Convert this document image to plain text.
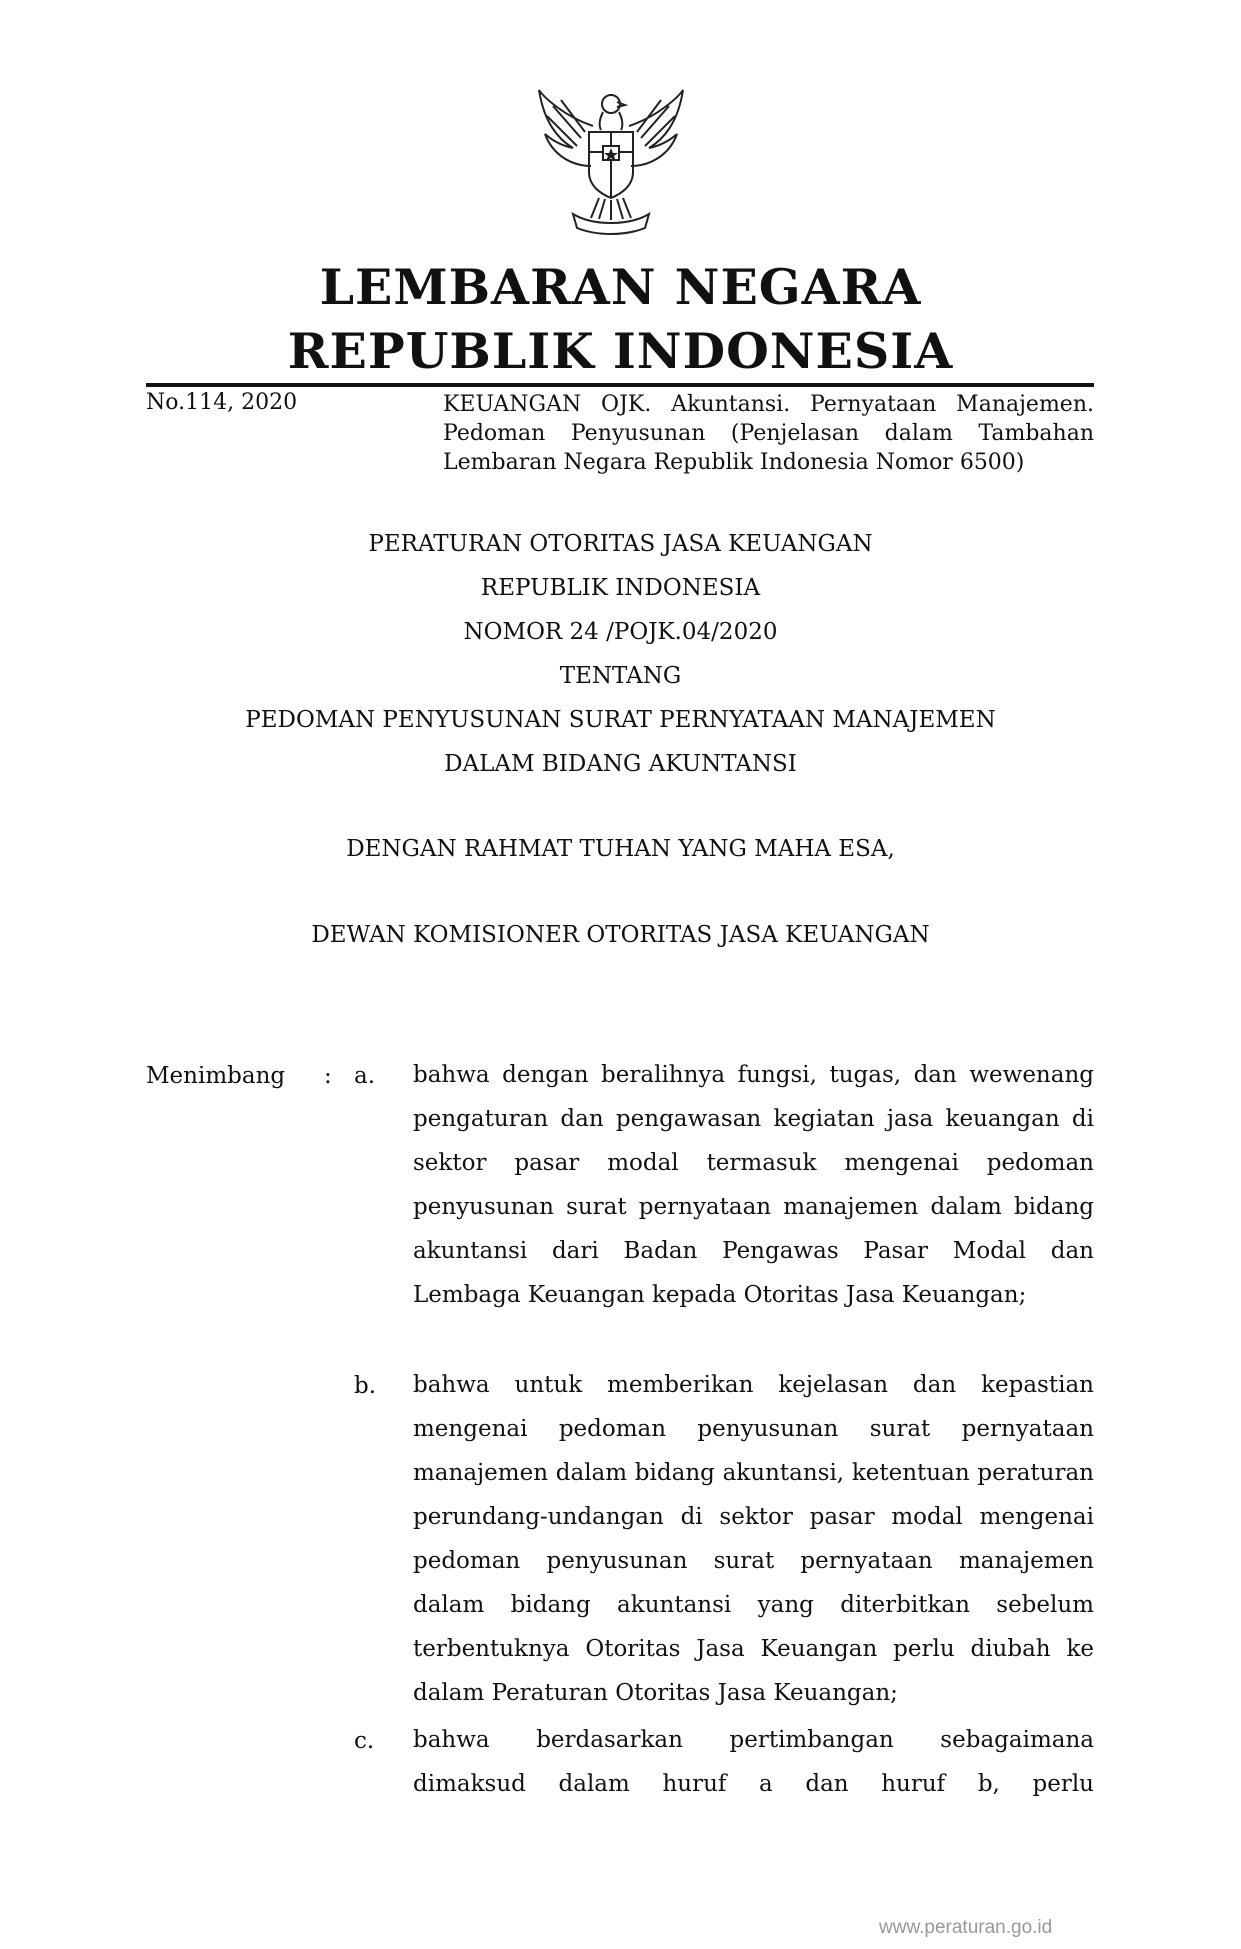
LEMBARAN NEGARA
REPUBLIK INDONESIA
No.114, 2020	KEUANGAN OJK. Akuntansi. Pernyataan Manajemen. Pedoman Penyusunan (Penjelasan dalam Tambahan Lembaran Negara Republik Indonesia Nomor 6500)

PERATURAN OTORITAS JASA KEUANGAN

REPUBLIK INDONESIA

NOMOR 24 /POJK.04/2020

TENTANG

PEDOMAN PENYUSUNAN SURAT PERNYATAAN MANAJEMEN

DALAM BIDANG AKUNTANSI

DENGAN RAHMAT TUHAN YANG MAHA ESA,

DEWAN KOMISIONER OTORITAS JASA KEUANGAN

Menimbang : a. bahwa dengan beralihnya fungsi, tugas, dan wewenang pengaturan dan pengawasan kegiatan jasa keuangan di sektor pasar modal termasuk mengenai pedoman penyusunan surat pernyataan manajemen dalam bidang akuntansi dari Badan Pengawas Pasar Modal dan Lembaga Keuangan kepada Otoritas Jasa Keuangan;

b. bahwa untuk memberikan kejelasan dan kepastian mengenai pedoman penyusunan surat pernyataan manajemen dalam bidang akuntansi, ketentuan peraturan perundang-undangan di sektor pasar modal mengenai pedoman penyusunan surat pernyataan manajemen dalam bidang akuntansi yang diterbitkan sebelum terbentuknya Otoritas Jasa Keuangan perlu diubah ke dalam Peraturan Otoritas Jasa Keuangan;

c. bahwa berdasarkan pertimbangan sebagaimana dimaksud dalam huruf a dan huruf b, perlu

www.peraturan.go.id
